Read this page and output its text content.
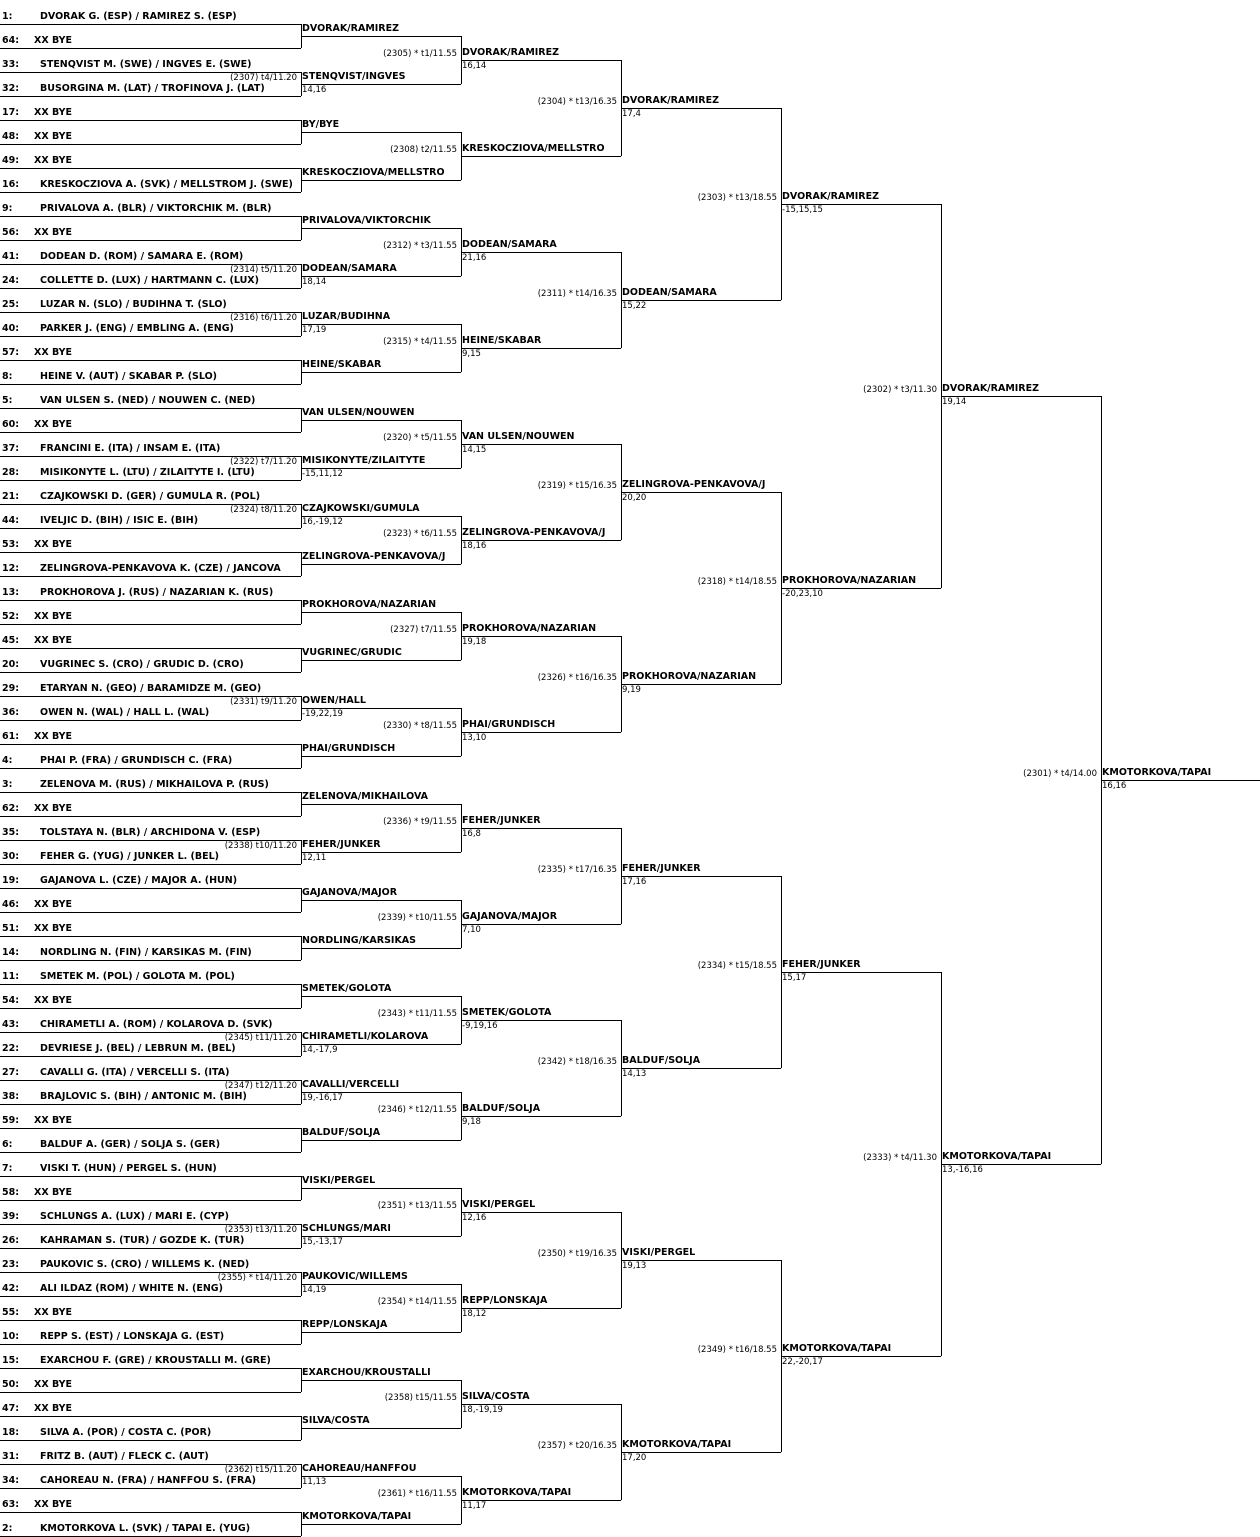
1:	DVORAK G. (ESP) / RAMIREZ S. (ESP)
64: XX BYE
33: STENQVIST M. (SWE) / INGVES E. (SWE)
32: BUSORGINA M. (LAT) / TROFINOVA J. (LAT)
17: XX BYE
48: XX BYE
49: XX BYE
16: KRESKOCZIOVA A. (SVK) / MELLSTROM J. (SWE)
9:	PRIVALOVA A. (BLR) / VIKTORCHIK M. (BLR)
56: XX BYE
41: DODEAN D. (ROM) / SAMARA E. (ROM)
24: COLLETTE D. (LUX) / HARTMANN C. (LUX)
25: LUZAR N. (SLO) / BUDIHNA T. (SLO)
40: PARKER J. (ENG) / EMBLING A. (ENG)
57: XX BYE
8:	HEINE V. (AUT) / SKABAR P. (SLO)
5:	VAN ULSEN S. (NED) / NOUWEN C. (NED)
60: XX BYE
37: FRANCINI E. (ITA) / INSAM E. (ITA)
28: MISIKONYTE L. (LTU) / ZILAITYTE I. (LTU)
21: CZAJKOWSKI D. (GER) / GUMULA R. (POL)
44: IVELJIC D. (BIH) / ISIC E. (BIH)
53: XX BYE
12: ZELINGROVA-PENKAVOVA K. (CZE) / JANCOVA
13: PROKHOROVA J. (RUS) / NAZARIAN K. (RUS)
52: XX BYE
45: XX BYE
20: VUGRINEC S. (CRO) / GRUDIC D. (CRO)
29: ETARYAN N. (GEO) / BARAMIDZE M. (GEO)
36: OWEN N. (WAL) / HALL L. (WAL)
61: XX BYE
4:	PHAI P. (FRA) / GRUNDISCH C. (FRA)
3:	ZELENOVA M. (RUS) / MIKHAILOVA P. (RUS)
62: XX BYE
35: TOLSTAYA N. (BLR) / ARCHIDONA V. (ESP)
30: FEHER G. (YUG) / JUNKER L. (BEL)
19: GAJANOVA L. (CZE) / MAJOR A. (HUN)
46: XX BYE
51: XX BYE
14: NORDLING N. (FIN) / KARSIKAS M. (FIN)
11: SMETEK M. (POL) / GOLOTA M. (POL)
54: XX BYE
43: CHIRAMETLI A. (ROM) / KOLAROVA D. (SVK)
22: DEVRIESE J. (BEL) / LEBRUN M. (BEL)
27: CAVALLI G. (ITA) / VERCELLI S. (ITA)
38: BRAJLOVIC S. (BIH) / ANTONIC M. (BIH)
59: XX BYE
6:	BALDUF A. (GER) / SOLJA S. (GER)
7:	VISKI T. (HUN) / PERGEL S. (HUN)
58: XX BYE
39: SCHLUNGS A. (LUX) / MARI E. (CYP)
26: KAHRAMAN S. (TUR) / GOZDE K. (TUR)
23: PAUKOVIC S. (CRO) / WILLEMS K. (NED)
42: ALI ILDAZ (ROM) / WHITE N. (ENG)
55: XX BYE
10: REPP S. (EST) / LONSKAJA G. (EST)
15: EXARCHOU F. (GRE) / KROUSTALLI M. (GRE)
50: XX BYE
47: XX BYE
18: SILVA A. (POR) / COSTA C. (POR)
31: FRITZ B. (AUT) / FLECK C. (AUT)
34: CAHOREAU N. (FRA) / HANFFOU S. (FRA)
63: XX BYE
2:	KMOTORKOVA L. (SVK) / TAPAI E. (YUG)
DVORAK/RAMIREZ
STENQVIST/INGVES
14,16
(2307) t4/11.20
BY/BYE
KRESKOCZIOVA/MELLSTRO
PRIVALOVA/VIKTORCHIK
DODEAN/SAMARA
18,14
(2314) t5/11.20
LUZAR/BUDIHNA
17,19
(2316) t6/11.20
HEINE/SKABAR
VAN ULSEN/NOUWEN
MISIKONYTE/ZILAITYTE
-15,11,12
(2322) t7/11.20
CZAJKOWSKI/GUMULA
16,-19,12
(2324) t8/11.20
ZELINGROVA-PENKAVOVA/J
PROKHOROVA/NAZARIAN
VUGRINEC/GRUDIC
OWEN/HALL
-19,22,19
(2331) t9/11.20
PHAI/GRUNDISCH
ZELENOVA/MIKHAILOVA
FEHER/JUNKER
12,11
(2338) t10/11.20
GAJANOVA/MAJOR
NORDLING/KARSIKAS
SMETEK/GOLOTA
CHIRAMETLI/KOLAROVA
14,-17,9
(2345) t11/11.20
CAVALLI/VERCELLI
19,-16,17
(2347) t12/11.20
BALDUF/SOLJA
VISKI/PERGEL
SCHLUNGS/MARI
15,-13,17
(2353) t13/11.20
PAUKOVIC/WILLEMS
14,19
(2355) * t14/11.20
REPP/LONSKAJA
EXARCHOU/KROUSTALLI
SILVA/COSTA
CAHOREAU/HANFFOU
11,13
(2362) t15/11.20
KMOTORKOVA/TAPAI
DVORAK/RAMIREZ
16,14
(2305) * t1/11.55
KRESKOCZIOVA/MELLSTRO
(2308) t2/11.55
DODEAN/SAMARA
21,16
(2312) * t3/11.55
HEINE/SKABAR
9,15
(2315) * t4/11.55
VAN ULSEN/NOUWEN
14,15
(2320) * t5/11.55
ZELINGROVA-PENKAVOVA/J
18,16
(2323) * t6/11.55
PROKHOROVA/NAZARIAN
19,18
(2327) t7/11.55
PHAI/GRUNDISCH
13,10
(2330) * t8/11.55
FEHER/JUNKER
16,8
(2336) * t9/11.55
GAJANOVA/MAJOR
7,10
(2339) * t10/11.55
SMETEK/GOLOTA
-9,19,16
(2343) * t11/11.55
BALDUF/SOLJA
9,18
(2346) * t12/11.55
VISKI/PERGEL
12,16
(2351) * t13/11.55
REPP/LONSKAJA
18,12
(2354) * t14/11.55
SILVA/COSTA
18,-19,19
(2358) t15/11.55
KMOTORKOVA/TAPAI
11,17
(2361) * t16/11.55
DVORAK/RAMIREZ
17,4
(2304) * t13/16.35
DODEAN/SAMARA
15,22
(2311) * t14/16.35
ZELINGROVA-PENKAVOVA/J
20,20
(2319) * t15/16.35
PROKHOROVA/NAZARIAN
9,19
(2326) * t16/16.35
FEHER/JUNKER
17,16
(2335) * t17/16.35
BALDUF/SOLJA
14,13
(2342) * t18/16.35
VISKI/PERGEL
19,13
(2350) * t19/16.35
KMOTORKOVA/TAPAI
17,20
(2357) * t20/16.35
DVORAK/RAMIREZ
-15,15,15
(2303) * t13/18.55
PROKHOROVA/NAZARIAN
-20,23,10
(2318) * t14/18.55
FEHER/JUNKER
15,17
(2334) * t15/18.55
KMOTORKOVA/TAPAI
22,-20,17
(2349) * t16/18.55
DVORAK/RAMIREZ
19,14
(2302) * t3/11.30
KMOTORKOVA/TAPAI
13,-16,16
(2333) * t4/11.30
KMOTORKOVA/TAPAI
16,16
(2301) * t4/14.00
